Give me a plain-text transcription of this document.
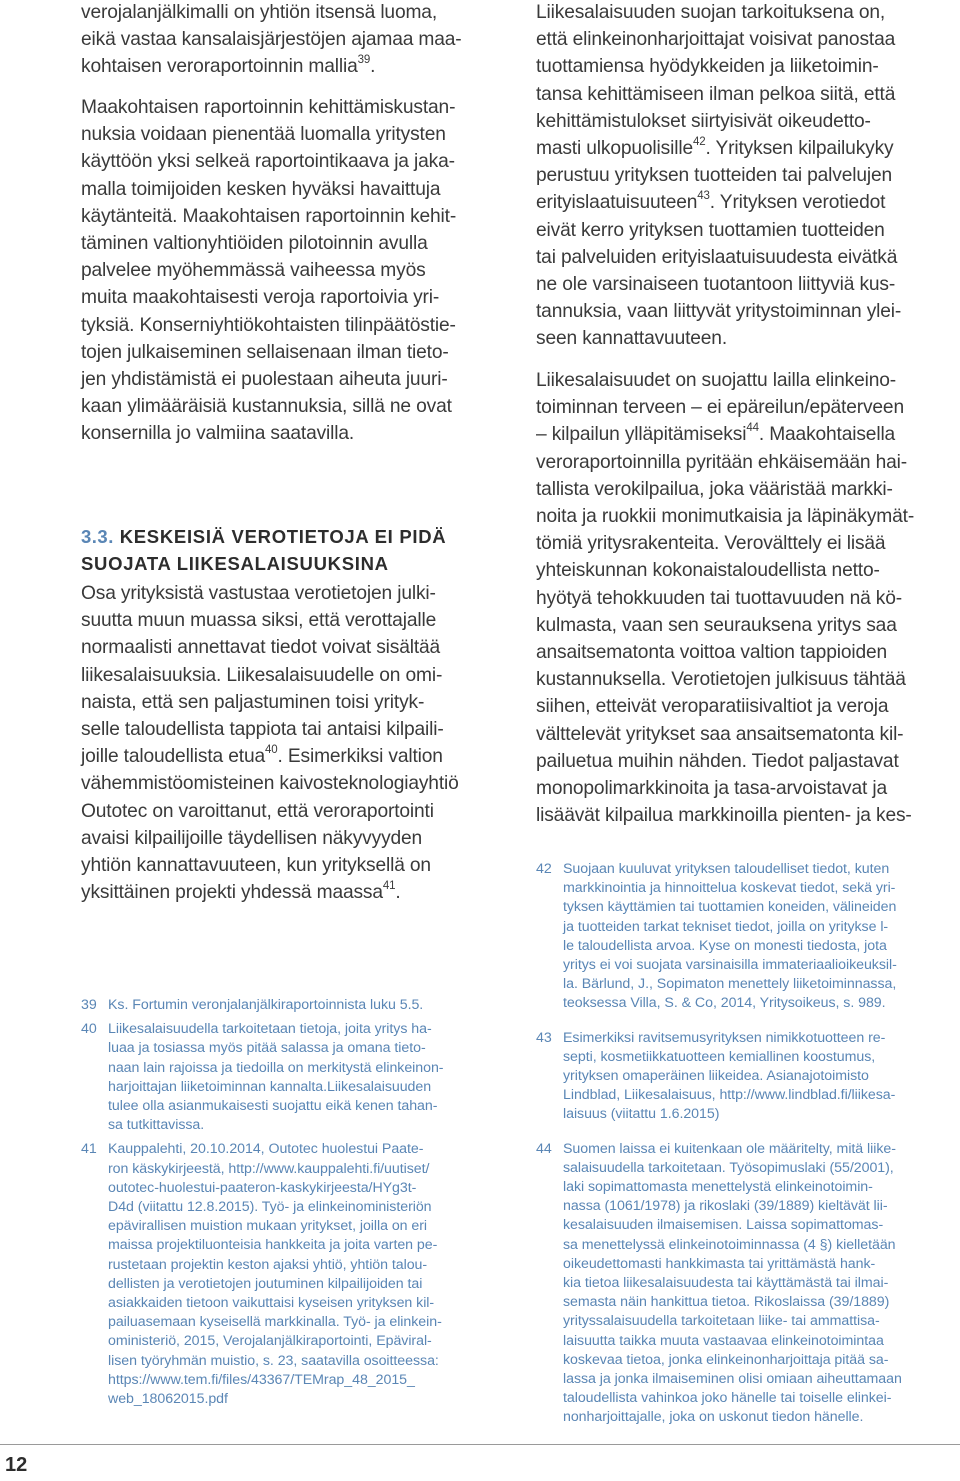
verojalanjälkimalli on yhtiön itsensä luoma,

eikä vastaa kansalaisjärjestöjen ajamaa maa-

kohtaisen veroraportoinnin mallia$^{39}$.

Maakohtaisen raportoinnin kehittämiskustan-

nuksia voidaan pienentää luomalla yritysten

käyttöön yksi selkeä raportointikaava ja jaka-

malla toimijoiden kesken hyväksi havaittuja

käytänteitä. Maakohtaisen raportoinnin kehit-

täminen valtionyhtiöiden pilotoinnin avulla

palvelee myöhemmässä vaiheessa myös

muita maakohtaisesti veroja raportoivia yri-

tyksiä. Konserniyhtiökohtaisten tilinpäätöstie-

tojen julkaiseminen sellaisenaan ilman tieto-

jen yhdistämistä ei puolestaan aiheuta juuri-

kaan ylimääräisiä kustannuksia, sillä ne ovat

konsernilla jo valmiina saatavilla.

3.3. KESKEISIÄ VEROTIETOJA EI PIDÄ
SUOJATA LIIKESALAISUUKSINA

Osa yrityksistä vastustaa verotietojen julki-

suutta muun muassa siksi, että verottajalle

normaalisti annettavat tiedot voivat sisältää

liikesalaisuuksia. Liikesalaisuudelle on omi-

naista, että sen paljastuminen toisi yrityk-

selle taloudellista tappiota tai antaisi kilpaili-

joille taloudellista etua$^{40}$. Esimerkiksi valtion

vähemmistöomisteinen kaivosteknologiayhtiö

Outotec on varoittanut, että veroraportointi

avaisi kilpailijoille täydellisen näkyvyyden

yhtiön kannattavuuteen, kun yrityksellä on

yksittäinen projekti yhdessä maassa$^{41}$.

Liikesalaisuuden suojan tarkoituksena on,

että elinkeinonharjoittajat voisivat panostaa

tuottamiensa hyödykkeiden ja liiketoimin-

tansa kehittämiseen ilman pelkoa siitä, että

kehittämistulokset siirtyisivät oikeudetto-

masti ulkopuolisille$^{42}$. Yrityksen kilpailukyky

perustuu yrityksen tuotteiden tai palvelujen

erityislaatuisuuteen$^{43}$. Yrityksen verotiedot

eivät kerro yrityksen tuottamien tuotteiden

tai palveluiden erityislaatuisuudesta eivätkä

ne ole varsinaiseen tuotantoon liittyviä kus-

tannuksia, vaan liittyvät yritystoiminnan ylei-

seen kannattavuuteen.

Liikesalaisuudet on suojattu lailla elinkeino-

toiminnan terveen – ei epäreilun/epäterveen

– kilpailun ylläpitämiseksi$^{44}$. Maakohtaisella

veroraportoinnilla pyritään ehkäisemään hai-

tallista verokilpailua, joka vääristää markki-

noita ja ruokkii monimutkaisia ja läpinäkymät-

tömiä yritysrakenteita. Verovälttely ei lisää

yhteiskunnan kokonaistaloudellista netto-

hyötyä tehokkuuden tai tuottavuuden nä kö-

kulmasta, vaan sen seurauksena yritys saa

ansaitsematonta voittoa valtion tappioiden

kustannuksella. Verotietojen julkisuus tähtää

siihen, etteivät veroparatiisivaltiot ja veroja

välttelevät yritykset saa ansaitsematonta kil-

pailuetua muihin nähden. Tiedot paljastavat

monopolimarkkinoita ja tasa-arvoistavat ja

lisäävät kilpailua markkinoilla pienten- ja kes-

39 Ks. Fortumin veronjalanjälkiraportoinnista luku 5.5.
40 Liikesalaisuudella tarkoitetaan tietoja, joita yritys ha-
luaa ja tosiassa myös pitää salassa ja omana tieto-
naan lain rajoissa ja tiedoilla on merkitystä elinkeinon-
harjoittajan liiketoiminnan kannalta.Liikesalaisuuden
tulee olla asianmukaisesti suojattu eikä kenen tahan-
sa tutkittavissa.
41 Kauppalehti, 20.10.2014, Outotec huolestui Paate-
ron käskykirjeestä, http://www.kauppalehti.fi/uutiset/
outotec-huolestui-paateron-kaskykirjeesta/HYg3t-
D4d (viitattu 12.8.2015). Työ- ja elinkeinoministeriön
epävirallisen muistion mukaan yritykset, joilla on eri
maissa projektiluonteisia hankkeita ja joita varten pe-
rustetaan projektin keston ajaksi yhtiö, yhtiön talou-
dellisten ja verotietojen joutuminen kilpailijoiden tai
asiakkaiden tietoon vaikuttaisi kyseisen yrityksen kil-
pailuasemaan kyseisellä markkinalla. Työ- ja elinkein-
oministeriö, 2015, Verojalanjälkiraportointi, Epäviral-
lisen työryhmän muistio, s. 23, saatavilla osoitteessa:
https://www.tem.fi/files/43367/TEMrap_48_2015_
web_18062015.pdf
42 Suojaan kuuluvat yrityksen taloudelliset tiedot, kuten
markkinointia ja hinnoittelua koskevat tiedot, sekä yri-
tyksen käyttämien tai tuottamien koneiden, välineiden
ja tuotteiden tarkat tekniset tiedot, joilla on yritykse l-
le taloudellista arvoa. Kyse on monesti tiedosta, jota
yritys ei voi suojata varsinaisilla immateriaalioikeuksil-
la. Bärlund, J., Sopimaton menettely liiketoiminnassa,
teoksessa Villa, S. & Co, 2014, Yritysoikeus, s. 989.
43 Esimerkiksi ravitsemusyrityksen nimikkotuotteen re-
septi, kosmetiikkatuotteen kemiallinen koostumus,
yrityksen omaperäinen liikeidea. Asianajotoimisto
Lindblad, Liikesalaisuus, http://www.lindblad.fi/liikesa-
laisuus (viitattu 1.6.2015)
44 Suomen laissa ei kuitenkaan ole määritelty, mitä liike-
salaisuudella tarkoitetaan. Työsopimuslaki (55/2001),
laki sopimattomasta menettelystä elinkeinotoimin-
nassa (1061/1978) ja rikoslaki (39/1889) kieltävät lii-
kesalaisuuden ilmaisemisen. Laissa sopimattomas-
sa menettelyssä elinkeinotoiminnassa (4 §) kielletään
oikeudettomasti hankkimasta tai yrittämästä hank-
kia tietoa liikesalaisuudesta tai käyttämästä tai ilmai-
semasta näin hankittua tietoa. Rikoslaissa (39/1889)
yrityssalaisuudella tarkoitetaan liike- tai ammattisa-
laisuutta taikka muuta vastaavaa elinkeinotoimintaa
koskevaa tietoa, jonka elinkeinonharjoittaja pitää sa-
lassa ja jonka ilmaiseminen olisi omiaan aiheuttamaan
taloudellista vahinkoa joko hänelle tai toiselle elinkei-
nonharjoittajalle, joka on uskonut tiedon hänelle.
12
